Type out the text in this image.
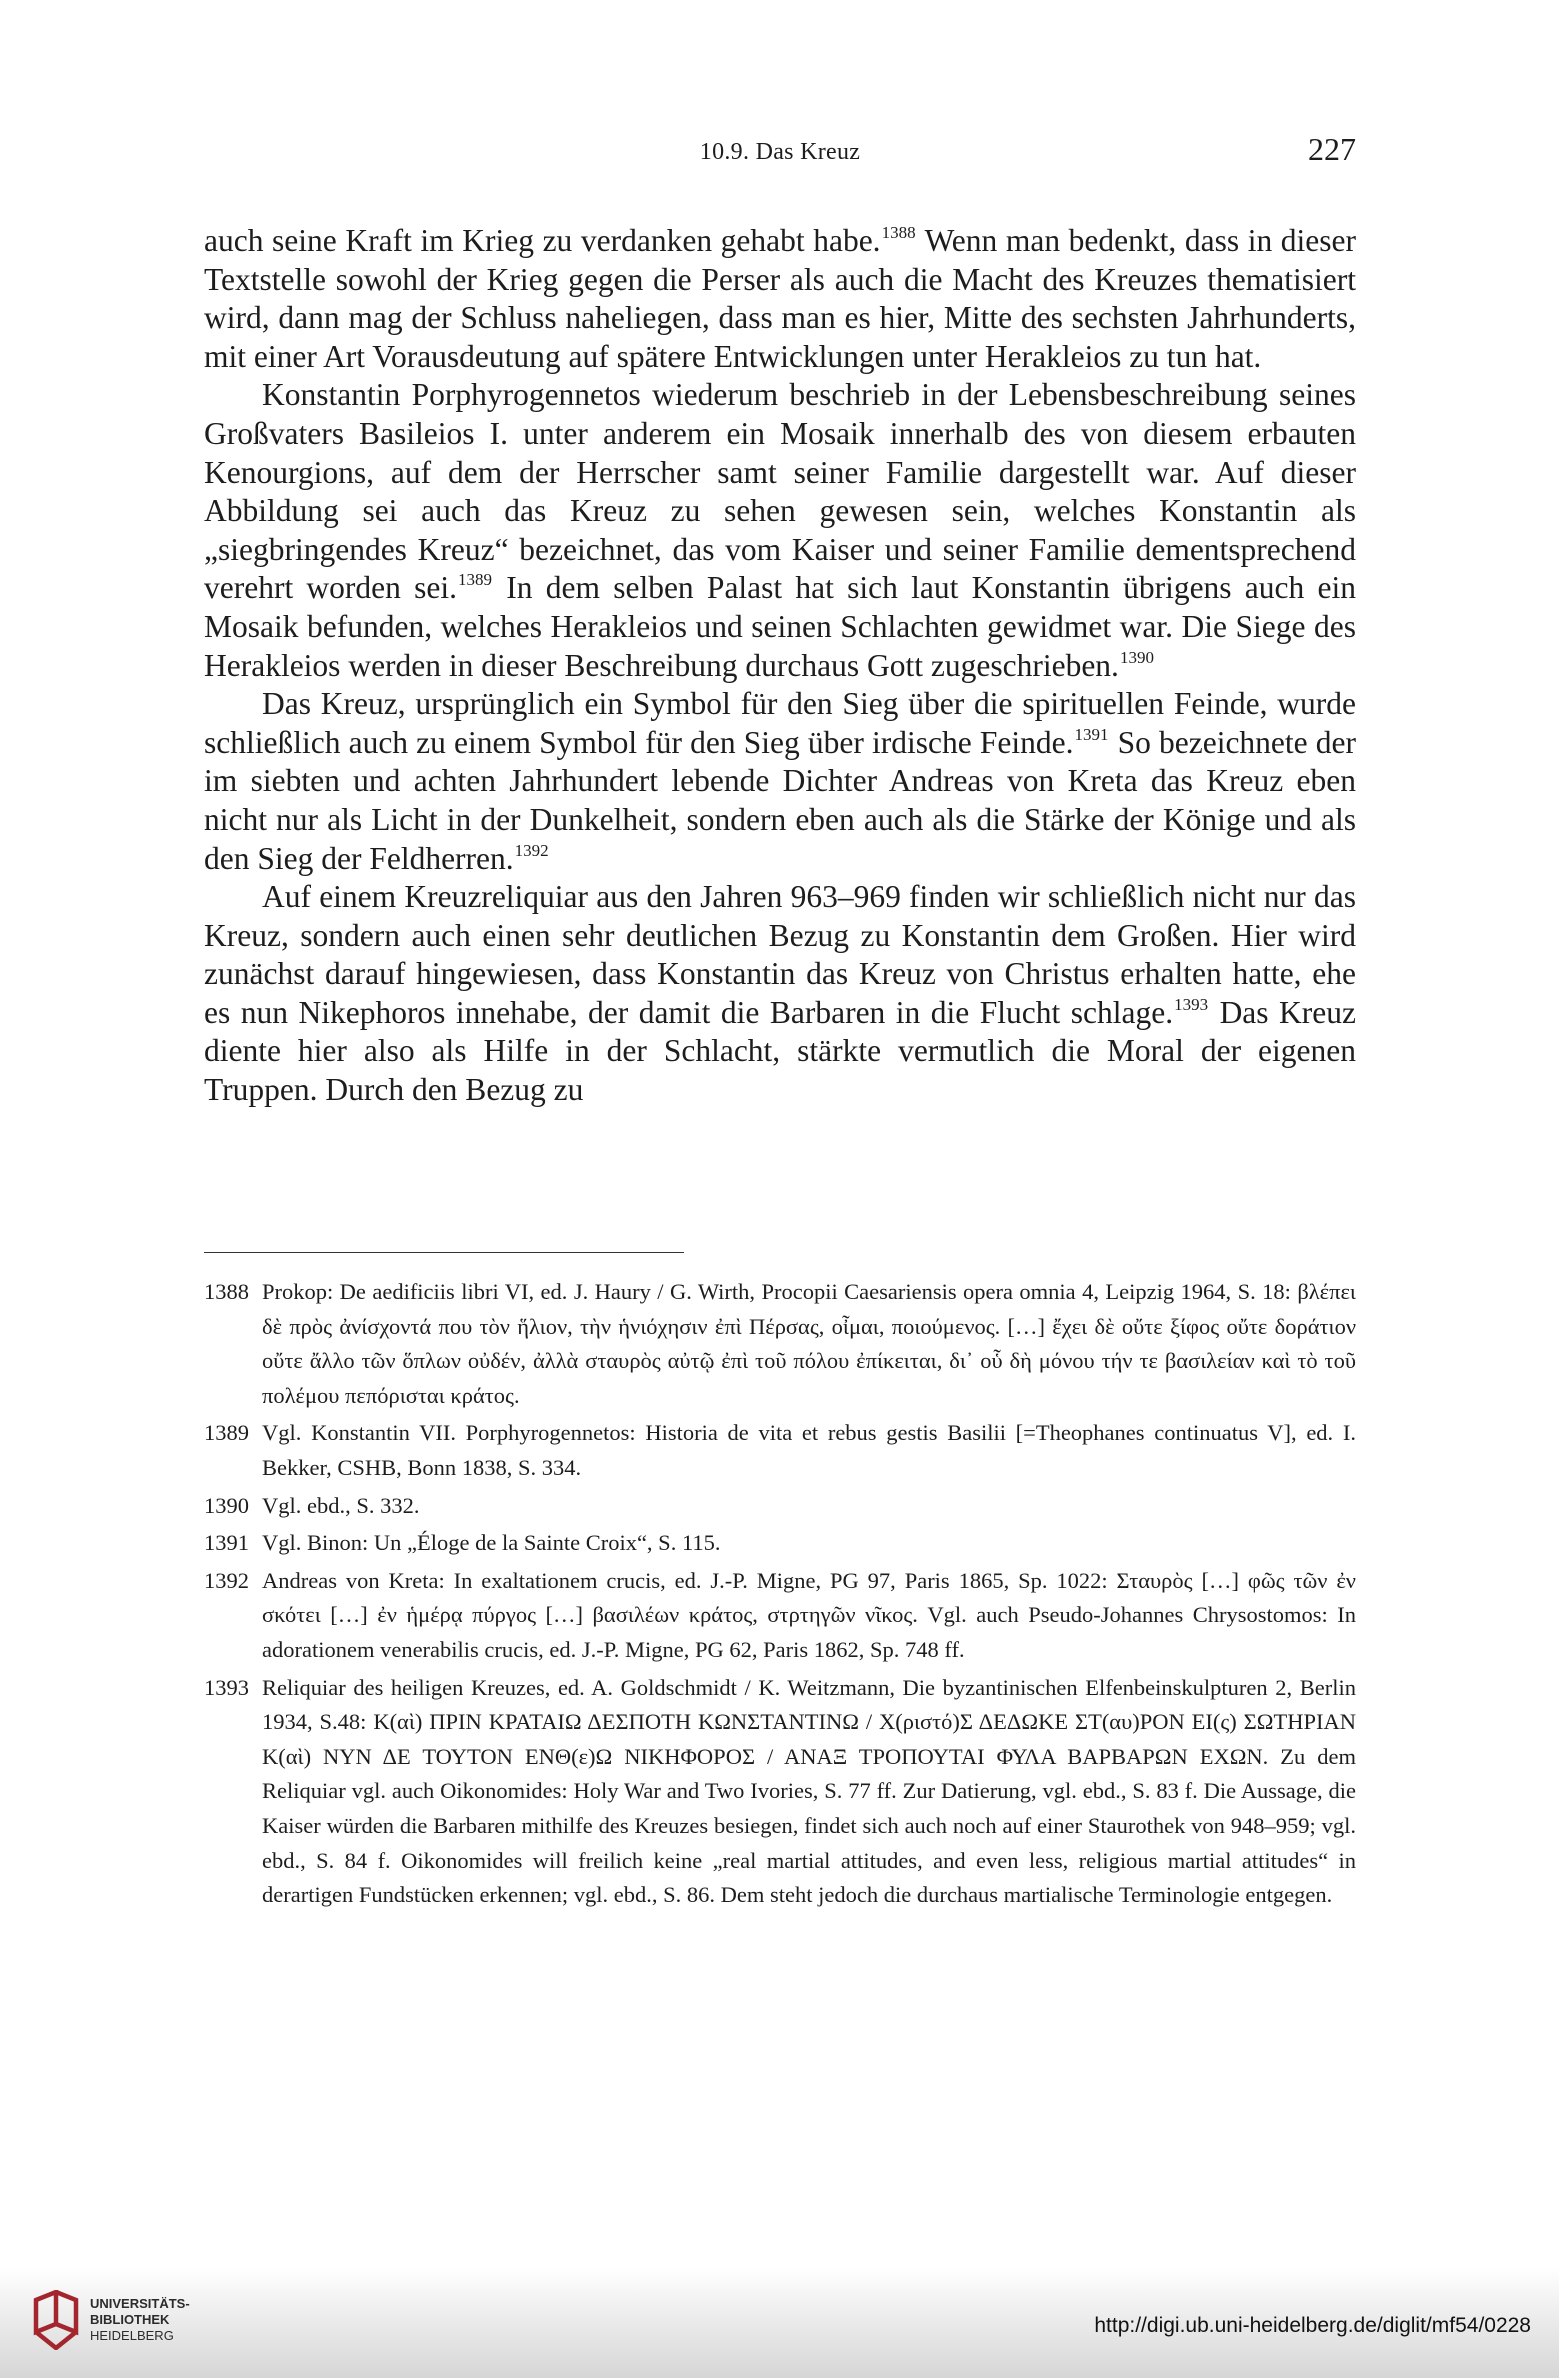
10.9. Das Kreuz	227

auch seine Kraft im Krieg zu verdanken gehabt habe.$^{1388}$ Wenn man bedenkt, dass in dieser Textstelle sowohl der Krieg gegen die Perser als auch die Macht des Kreuzes thematisiert wird, dann mag der Schluss naheliegen, dass man es hier, Mitte des sechsten Jahrhunderts, mit einer Art Vorausdeutung auf spätere Entwicklungen unter Herakleios zu tun hat.

Konstantin Porphyrogennetos wiederum beschrieb in der Lebensbeschreibung seines Großvaters Basileios I. unter anderem ein Mosaik innerhalb des von diesem erbauten Kenourgions, auf dem der Herrscher samt seiner Familie dargestellt war. Auf dieser Abbildung sei auch das Kreuz zu sehen gewesen sein, welches Konstantin als „siegbringendes Kreuz“ bezeichnet, das vom Kaiser und seiner Familie dementsprechend verehrt worden sei.$^{1389}$ In dem selben Palast hat sich laut Konstantin übrigens auch ein Mosaik befunden, welches Herakleios und seinen Schlachten gewidmet war. Die Siege des Herakleios werden in dieser Beschreibung durchaus Gott zugeschrieben.$^{1390}$

Das Kreuz, ursprünglich ein Symbol für den Sieg über die spirituellen Feinde, wurde schließlich auch zu einem Symbol für den Sieg über irdische Feinde.$^{1391}$ So bezeichnete der im siebten und achten Jahrhundert lebende Dichter Andreas von Kreta das Kreuz eben nicht nur als Licht in der Dunkelheit, sondern eben auch als die Stärke der Könige und als den Sieg der Feldherren.$^{1392}$

Auf einem Kreuzreliquiar aus den Jahren 963–969 finden wir schließlich nicht nur das Kreuz, sondern auch einen sehr deutlichen Bezug zu Konstantin dem Großen. Hier wird zunächst darauf hingewiesen, dass Konstantin das Kreuz von Christus erhalten hatte, ehe es nun Nikephoros innehabe, der damit die Barbaren in die Flucht schlage.$^{1393}$ Das Kreuz diente hier also als Hilfe in der Schlacht, stärkte vermutlich die Moral der eigenen Truppen. Durch den Bezug zu

1388 Prokop: De aedificiis libri VI, ed. J. Haury / G. Wirth, Procopii Caesariensis opera omnia 4, Leipzig 1964, S. 18: βλέπει δὲ πρὸς ἀνίσχοντά που τὸν ἥλιον, τὴν ἡνιόχησιν ἐπὶ Πέρσας, οἶμαι, ποιούμενος. […] ἔχει δὲ οὔτε ξίφος οὔτε δοράτιον οὔτε ἄλλο τῶν ὅπλων οὐδέν, ἀλλὰ σταυρὸς αὐτῷ ἐπὶ τοῦ πόλου ἐπίκειται, δι᾽ οὗ δὴ μόνου τήν τε βασιλείαν καὶ τὸ τοῦ πολέμου πεπόρισται κράτος.
1389 Vgl. Konstantin VII. Porphyrogennetos: Historia de vita et rebus gestis Basilii [=Theophanes continuatus V], ed. I. Bekker, CSHB, Bonn 1838, S. 334.
1390 Vgl. ebd., S. 332.
1391 Vgl. Binon: Un „Éloge de la Sainte Croix“, S. 115.
1392 Andreas von Kreta: In exaltationem crucis, ed. J.-P. Migne, PG 97, Paris 1865, Sp. 1022: Σταυρὸς […] φῶς τῶν ἐν σκότει […] ἐν ἡμέρᾳ πύργος […] βασιλέων κράτος, στρτηγῶν νῖκος. Vgl. auch Pseudo-Johannes Chrysostomos: In adorationem venerabilis crucis, ed. J.-P. Migne, PG 62, Paris 1862, Sp. 748 ff.
1393 Reliquiar des heiligen Kreuzes, ed. A. Goldschmidt / K. Weitzmann, Die byzantinischen Elfenbeinskulpturen 2, Berlin 1934, S.48: Κ(αὶ) ΠΡΙΝ ΚΡΑΤΑΙΩ ΔΕΣΠΟΤΗ ΚΩΝΣΤΑΝΤΙΝΩ / Χ(ριστό)Σ ΔΕΔΩΚΕ ΣΤ(αυ)ΡΟΝ ΕΙ(ς) ΣΩΤΗΡΙΑΝ Κ(αὶ) ΝΥΝ ΔΕ ΤΟΥΤΟΝ ΕΝΘ(ε)Ω ΝΙΚΗΦΟΡΟΣ / ΑΝΑΞ ΤΡΟΠΟΥΤΑΙ ΦΥΛΑ ΒΑΡΒΑΡΩΝ ΕΧΩΝ. Zu dem Reliquiar vgl. auch Oikonomides: Holy War and Two Ivories, S. 77 ff. Zur Datierung, vgl. ebd., S. 83 f. Die Aussage, die Kaiser würden die Barbaren mithilfe des Kreuzes besiegen, findet sich auch noch auf einer Staurothek von 948–959; vgl. ebd., S. 84 f. Oikonomides will freilich keine „real martial attitudes, and even less, religious martial attitudes“ in derartigen Fundstücken erkennen; vgl. ebd., S. 86. Dem steht jedoch die durchaus martialische Terminologie entgegen.
UNIVERSITÄTS-
BIBLIOTHEK
HEIDELBERG	http://digi.ub.uni-heidelberg.de/diglit/mf54/0228
